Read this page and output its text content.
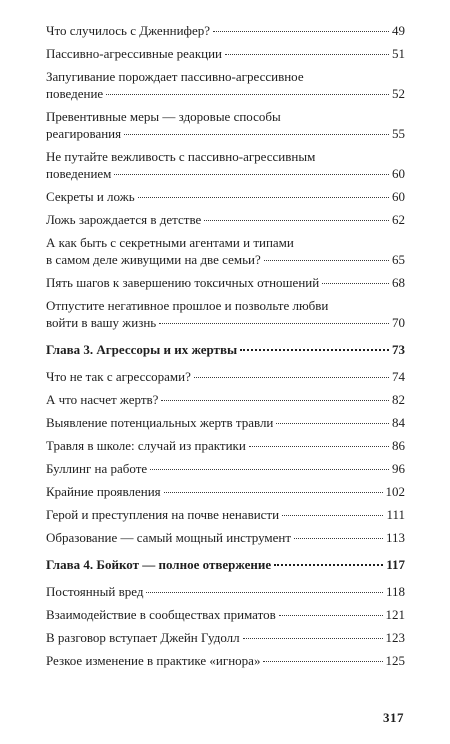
Что случилось с Дженнифер?	49
Пассивно-агрессивные реакции	51
Запугивание порождает пассивно-агрессивное
поведение	52
Превентивные меры — здоровые способы
реагирования	55
Не путайте вежливость с пассивно-агрессивным
поведением	60
Секреты и ложь	60
Ложь зарождается в детстве	62
А как быть с секретными агентами и типами
в самом деле живущими на две семьи?	65
Пять шагов к завершению токсичных отношений	68
Отпустите негативное прошлое и позвольте любви
войти в вашу жизнь	70
Глава 3. Агрессоры и их жертвы	73
Что не так с агрессорами?	74
А что насчет жертв?	82
Выявление потенциальных жертв травли	84
Травля в школе: случай из практики	86
Буллинг на работе	96
Крайние проявления	102
Герой и преступления на почве ненависти	111
Образование — самый мощный инструмент	113
Глава 4. Бойкот — полное отвержение	117
Постоянный вред	118
Взаимодействие в сообществах приматов	121
В разговор вступает Джейн Гудолл	123
Резкое изменение в практике «игнора»	125
317
